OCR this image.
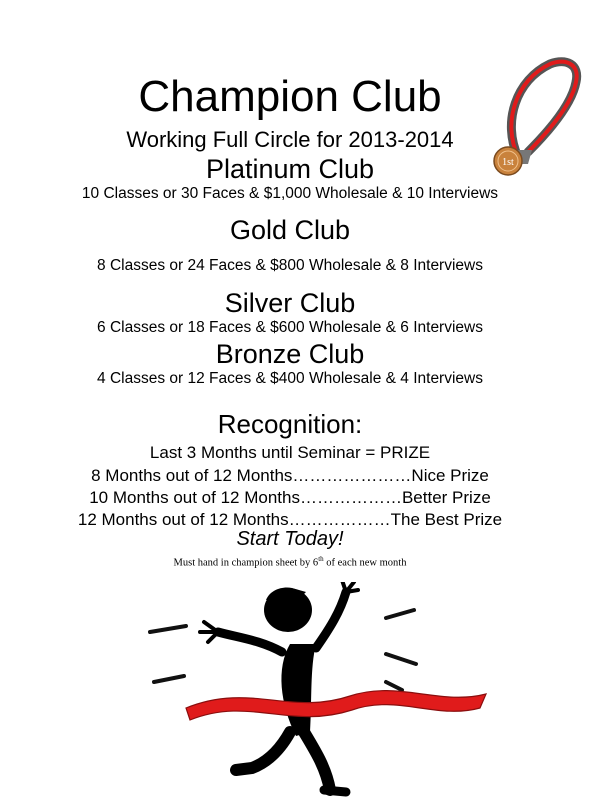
Champion Club
Working Full Circle for 2013-2014
Platinum Club
10 Classes or 30 Faces & $1,000 Wholesale & 10 Interviews
Gold Club
8 Classes or 24 Faces & $800 Wholesale & 8 Interviews
Silver Club
6 Classes or 18 Faces & $600 Wholesale & 6 Interviews
Bronze Club
4 Classes or 12 Faces & $400 Wholesale & 4 Interviews
Recognition:
Last 3 Months until Seminar = PRIZE
8 Months out of 12 Months…………………Nice Prize
10 Months out of 12 Months………………Better Prize
12 Months out of 12 Months………………The Best Prize
Start Today!
Must hand in champion sheet by 6th of each new month
1st
